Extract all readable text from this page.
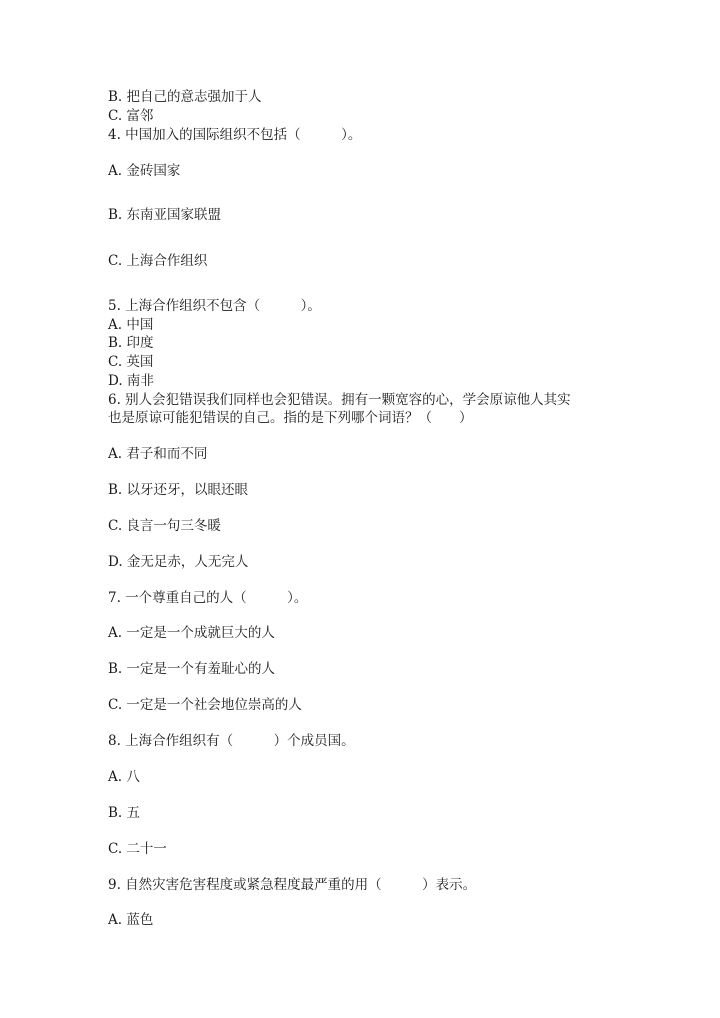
B. 把自己的意志强加于人
C. 富邻
4. 中国加入的国际组织不包括（　　　）。
A. 金砖国家
B. 东南亚国家联盟
C. 上海合作组织
5. 上海合作组织不包含（　　　）。
A. 中国
B. 印度
C. 英国
D. 南非
6. 别人会犯错误我们同样也会犯错误。拥有一颗宽容的心，学会原谅他人其实
也是原谅可能犯错误的自己。指的是下列哪个词语？（　　）
A. 君子和而不同
B. 以牙还牙，以眼还眼
C. 良言一句三冬暖
D. 金无足赤，人无完人
7. 一个尊重自己的人（　　　）。
A. 一定是一个成就巨大的人
B. 一定是一个有羞耻心的人
C. 一定是一个社会地位崇高的人
8. 上海合作组织有（　　　）个成员国。
A. 八
B. 五
C. 二十一
9. 自然灾害危害程度或紧急程度最严重的用（　　　）表示。
A. 蓝色
